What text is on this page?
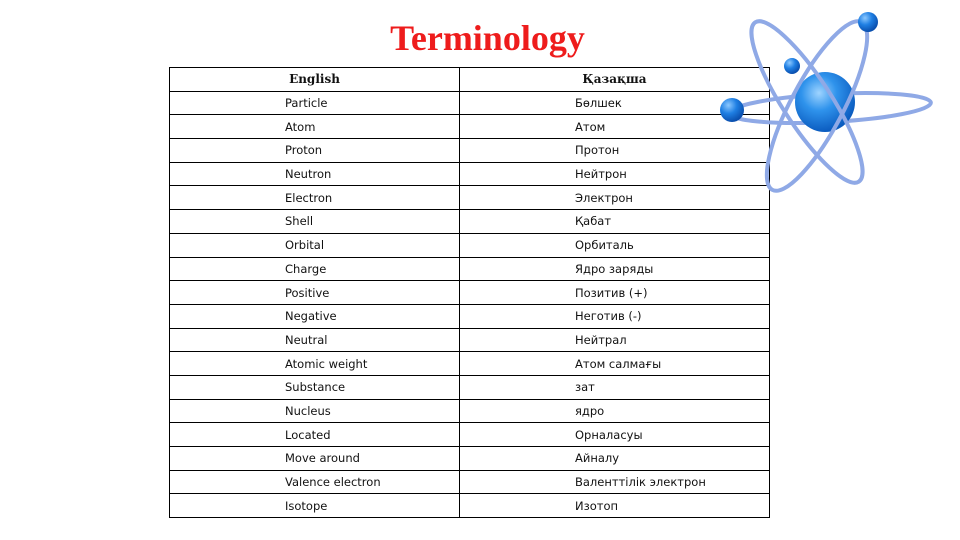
Terminology
English	Қазақша
Particle	Бөлшек
Atom	Атом
Proton	Протон
Neutron	Нейтрон
Electron	Электрон
Shell	Қабат
Orbital	Орбиталь
Charge	Ядро заряды
Positive	Позитив (+)
Negative	Неготив (-)
Neutral	Нейтрал
Atomic weight	Атом салмағы
Substance	зат
Nucleus	ядро
Located	Орналасуы
Move around	Айналу
Valence electron	Валенттілік электрон
Isotope	Изотоп
